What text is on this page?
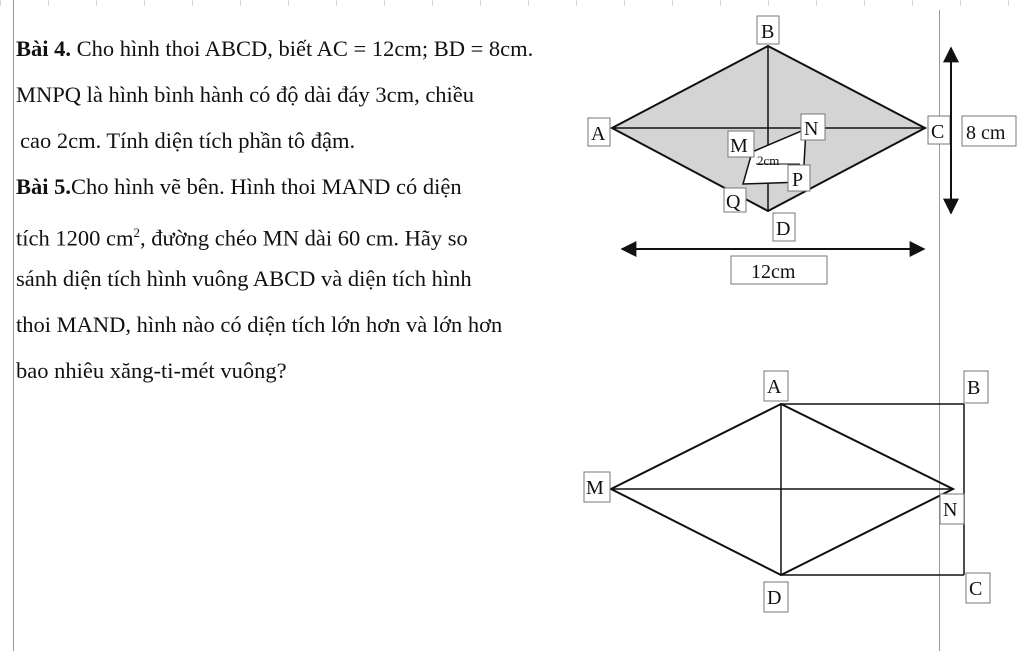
Bài 4. Cho hình thoi ABCD, biết AC = 12cm; BD = 8cm.
MNPQ là hình bình hành có độ dài đáy 3cm, chiều
cao 2cm. Tính diện tích phần tô đậm.
Bài 5.Cho hình vẽ bên. Hình thoi MAND có diện
tích 1200 $cm^2$, đường chéo MN dài 60 cm. Hãy so
sánh diện tích hình vuông ABCD và diện tích hình
thoi MAND, hình nào có diện tích lớn hơn và lớn hơn
bao nhiêu xăng-ti-mét vuông?
2cm
B
A	C
D
M
N
P
Q
8 cm
12cm
A	B
M
N
C
D
